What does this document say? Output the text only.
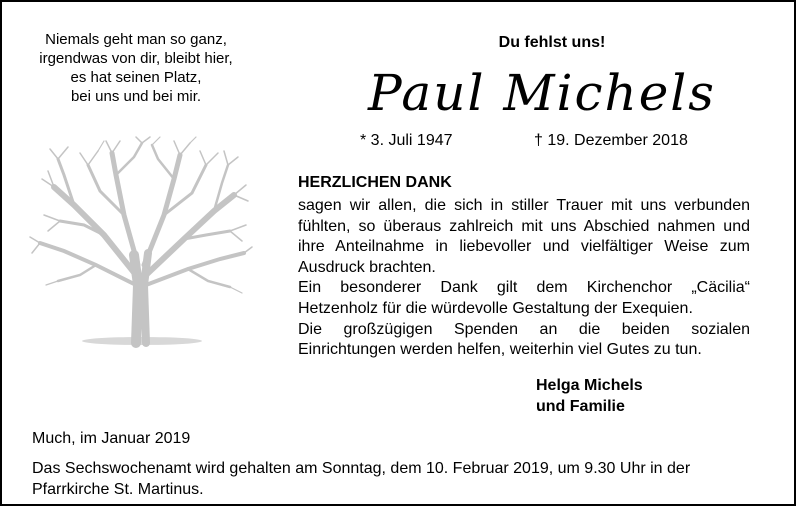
Niemals geht man so ganz,
irgendwas von dir, bleibt hier,
es hat seinen Platz,
bei uns und bei mir.
Du fehlst uns!
Paul Michels
* 3. Juli 1947	† 19. Dezember 2018
HERZLICHEN DANK
sagen wir allen, die sich in stiller Trauer mit uns verbunden
fühlten, so überaus zahlreich mit uns Abschied nahmen und
ihre Anteilnahme in liebevoller und vielfältiger Weise zum
Ausdruck brachten.
Ein besonderer Dank gilt dem Kirchenchor „Cäcilia“
Hetzenholz für die würdevolle Gestaltung der Exequien.
Die großzügigen Spenden an die beiden sozialen
Einrichtungen werden helfen, weiterhin viel Gutes zu tun.
Helga Michels
und Familie
Much, im Januar 2019
Das Sechswochenamt wird gehalten am Sonntag, dem 10. Februar 2019, um 9.30 Uhr in der
Pfarrkirche St. Martinus.
